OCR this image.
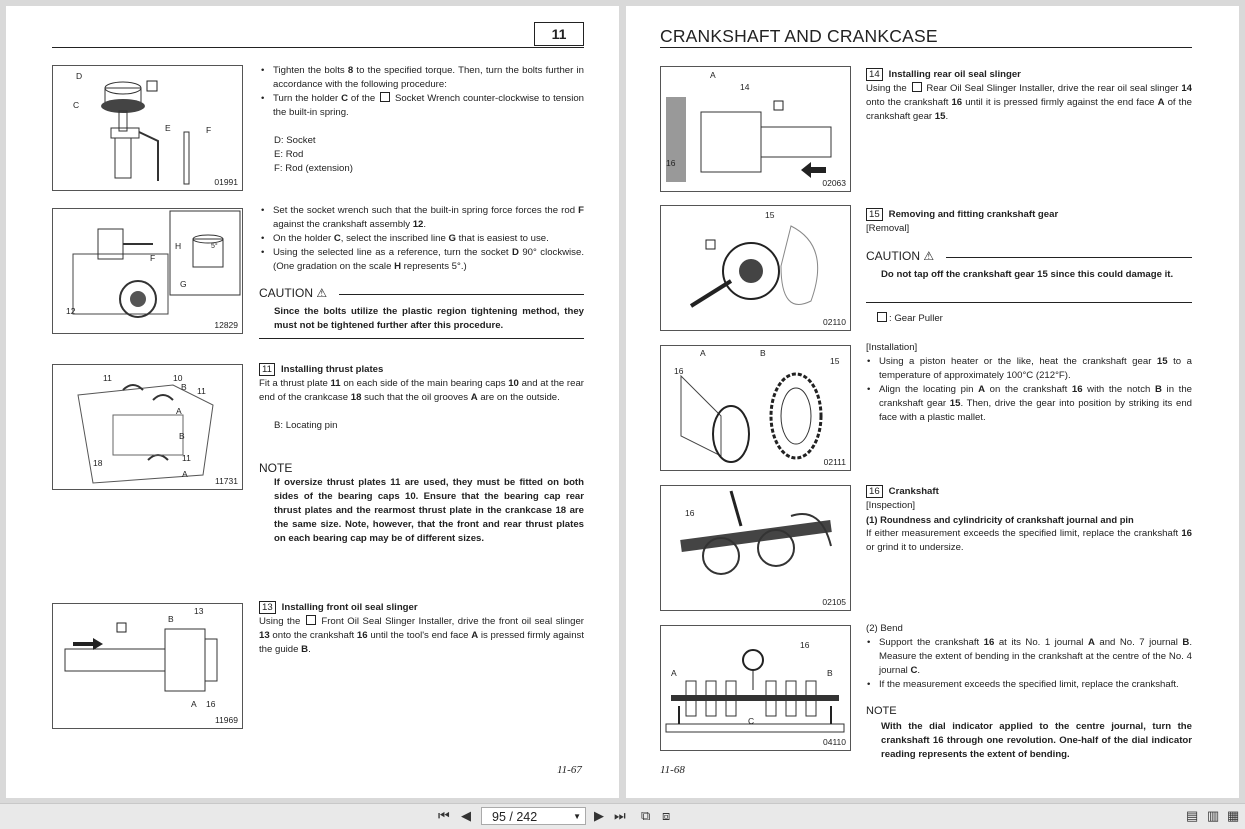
11
D
C
E	F
01991

• Tighten the bolts 8 to the specified torque. Then, turn the bolts further in accordance with the following procedure:

• Turn the holder C of the  Socket Wrench counter-clockwise to tension the built-in spring.

D: Socket

E: Rod

F: Rod (extension)

H
F
G
12
5°
12829

• Set the socket wrench such that the built-in spring force forces the rod F against the crankshaft assembly 12.

• On the holder C, select the inscribed line G that is easiest to use.

• Using the selected line as a reference, turn the socket D 90° clockwise. (One gradation on the scale H represents 5°.)

CAUTION ⚠
Since the bolts utilize the plastic region tightening method, they must not be tightened further after this procedure.
11	10
B 11
A
B
18	11
A
11731

11 Installing thrust plates

Fit a thrust plate 11 on each side of the main bearing caps 10 and at the rear end of the crankcase 18 such that the oil grooves A are on the outside.

B: Locating pin

NOTE
If oversize thrust plates 11 are used, they must be fitted on both sides of the bearing caps 10. Ensure that the bearing cap rear thrust plates and the rearmost thrust plate in the crankcase 18 are the same size. Note, however, that the front and rear thrust plates on each bearing cap may be of different sizes.
13
B
A 16
11969

13 Installing front oil seal slinger

Using the  Front Oil Seal Slinger Installer, drive the front oil seal slinger 13 onto the crankshaft 16 until the tool's end face A is pressed firmly against the guide B.

11-67
CRANKSHAFT AND CRANKCASE
A
14
16
02063

14 Installing rear oil seal slinger

Using the  Rear Oil Seal Slinger Installer, drive the rear oil seal slinger 14 onto the crankshaft 16 until it is pressed firmly against the end face A of the crankshaft gear 15.

15
02110

15 Removing and fitting crankshaft gear

[Removal]

CAUTION ⚠
Do not tap off the crankshaft gear 15 since this could damage it.
: Gear Puller

[Installation]

• Using a piston heater or the like, heat the crankshaft gear 15 to a temperature of approximately 100°C (212°F).

• Align the locating pin A on the crankshaft 16 with the notch B in the crankshaft gear 15. Then, drive the gear into position by striking its end face with a plastic mallet.

A	B
15
16
02111
16
02105

16 Crankshaft

[Inspection]

(1) Roundness and cylindricity of crankshaft journal and pin

If either measurement exceeds the specified limit, replace the crankshaft 16 or grind it to undersize.

16
A	B
C
04110

(2) Bend

• Support the crankshaft 16 at its No. 1 journal A and No. 7 journal B. Measure the extent of bending in the crankshaft at the centre of the No. 4 journal C.

• If the measurement exceeds the specified limit, replace the crankshaft.

NOTE
With the dial indicator applied to the centre journal, turn the crankshaft 16 through one revolution. One-half of the dial indicator reading represents the extent of bending.
11-68
⏮ ◀	95 / 242	▼ ▶ ⏭ ⧉ ⧈	▤ ▥ ▦
